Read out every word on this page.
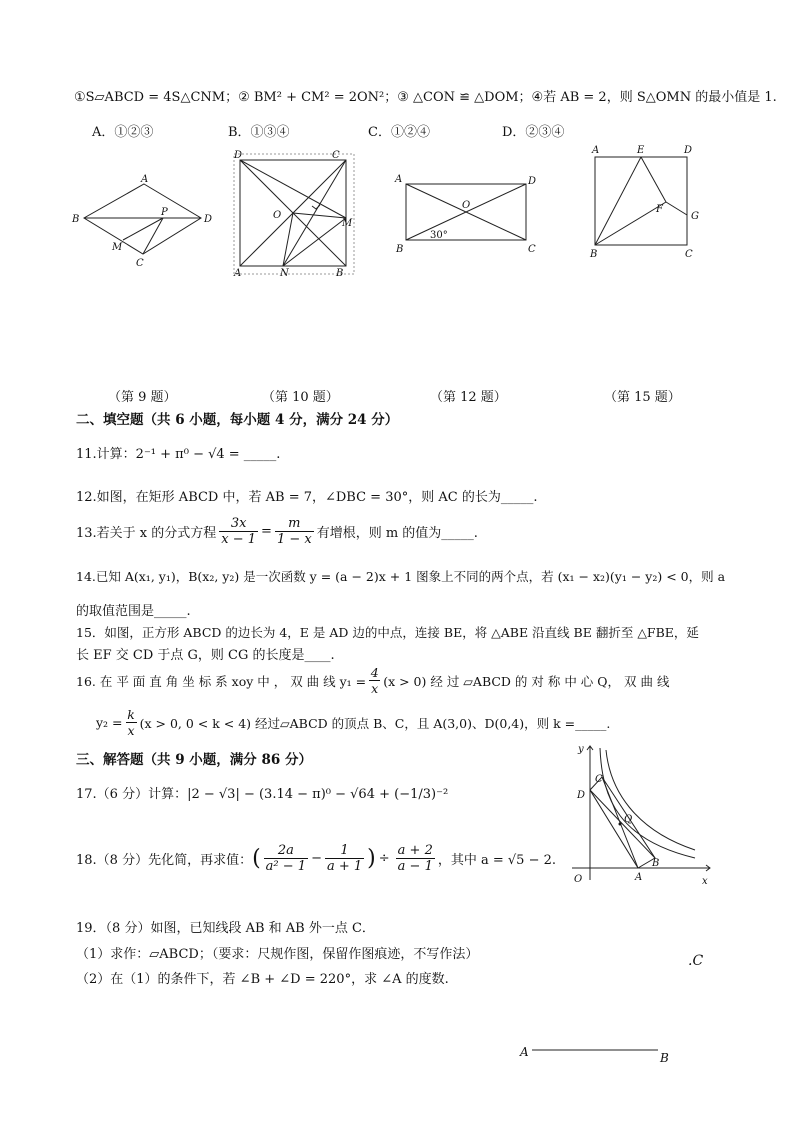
①S▱ABCD = 4S△CNM；② BM² + CM² = 2ON²；③ △CON ≌ △DOM；④若 AB = 2，则 S△OMN 的最小值是 1.
A．①②③	B．①③④	C．①②④	D．②③④
A
B
C
D
M
P
D	C
A	B
O
M
N
A	D
B	C
O
30°
A	E	D
F
G
B	C
（第 9 题）	（第 10 题）	（第 12 题）	（第 15 题）
二、填空题（共 6 小题，每小题 4 分，满分 24 分）
11.计算：2⁻¹ + π⁰ − √4 = _____.
12.如图，在矩形 ABCD 中，若 AB = 7，∠DBC = 30°，则 AC 的长为_____.
13.若关于 x 的分式方程 $\frac{3x}{x - 1} = \frac{m}{1 - x}$ 有增根，则 m 的值为_____.
14.已知 A(x₁, y₁)，B(x₂, y₂) 是一次函数 y = (a − 2)x + 1 图象上不同的两个点，若 (x₁ − x₂)(y₁ − y₂) < 0，则 a
的取值范围是_____.
15．如图，正方形 ABCD 的边长为 4，E 是 AD 边的中点，连接 BE，将 △ABE 沿直线 BE 翻折至 △FBE，延
长 EF 交 CD 于点 G，则 CG 的长度是____.
16. 在 平 面 直 角 坐 标 系 xoy 中 ， 双 曲 线 $y_1 = \frac{4}{x} (x > 0)$ 经 过 ▱ABCD 的 对 称 中 心 Q， 双 曲 线
$y_2 = \frac{k}{x} (x > 0$, 0 < k < 4) 经过▱ABCD 的顶点 B、C，且 A(3,0)、D(0,4)，则 k =_____.
三、解答题（共 9 小题，满分 86 分）
17.（6 分）计算：|2 − √3| − (3.14 − π)⁰ − √64 + (−1/3)⁻²
18.（8 分）先化简，再求值： ( 2a
a² − 1
− $\frac{1}{a + 1}$ ) ÷ $\frac{a + 2}{a - 1}$ ，其中 a = √5 − 2.
y
x
O
C
D
Q
B
A
19．（8 分）如图，已知线段 AB 和 AB 外一点 C．
（1）求作：▱ABCD；（要求：尺规作图，保留作图痕迹，不写作法）
（2）在（1）的条件下，若 ∠B + ∠D = 220°，求 ∠A 的度数.
.C
A	B
